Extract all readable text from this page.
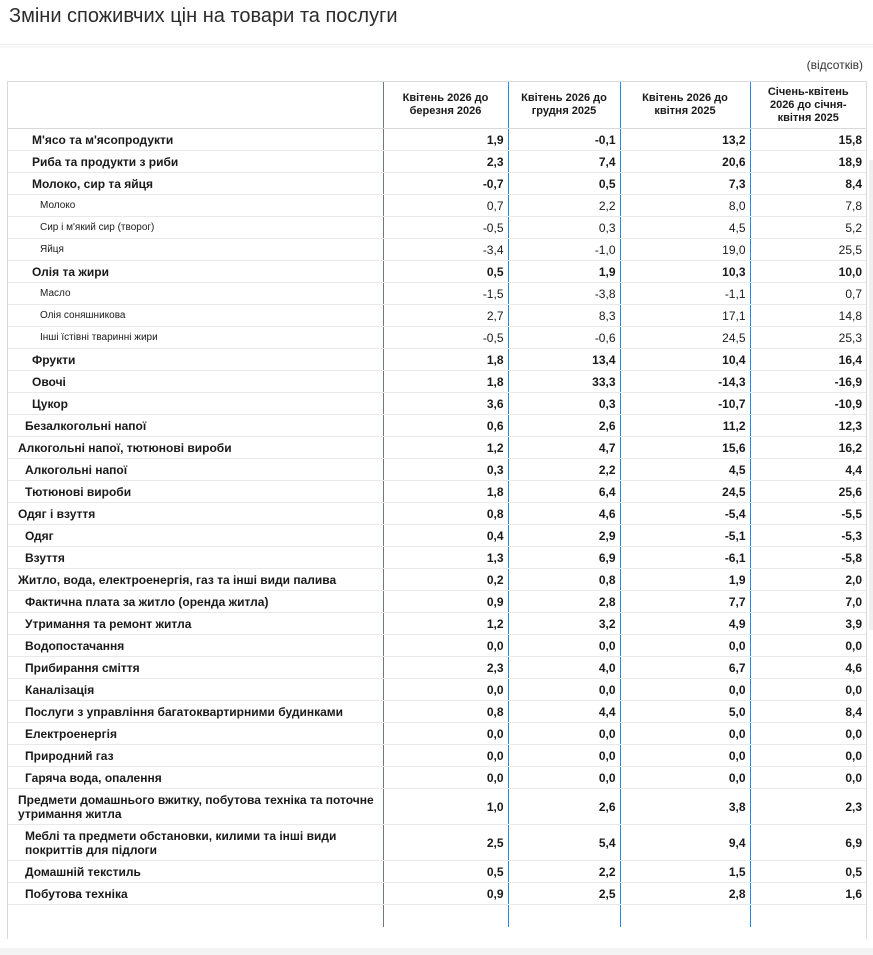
Зміни споживчих цін на товари та послуги
(відсотків)
	Квітень 2026 до березня 2026	Квітень 2026 до грудня 2025	Квітень 2026 до квітня 2025	Січень-квітень 2026 до січня-квітня 2025
М'ясо та м'ясопродукти	1,9	-0,1	13,2	15,8
Риба та продукти з риби	2,3	7,4	20,6	18,9
Молоко, сир та яйця	-0,7	0,5	7,3	8,4
Молоко	0,7	2,2	8,0	7,8
Сир і м'який сир (творог)	-0,5	0,3	4,5	5,2
Яйця	-3,4	-1,0	19,0	25,5
Олія та жири	0,5	1,9	10,3	10,0
Масло	-1,5	-3,8	-1,1	0,7
Олія соняшникова	2,7	8,3	17,1	14,8
Інші їстівні тваринні жири	-0,5	-0,6	24,5	25,3
Фрукти	1,8	13,4	10,4	16,4
Овочі	1,8	33,3	-14,3	-16,9
Цукор	3,6	0,3	-10,7	-10,9
Безалкогольні напої	0,6	2,6	11,2	12,3
Алкогольні напої, тютюнові вироби	1,2	4,7	15,6	16,2
Алкогольні напої	0,3	2,2	4,5	4,4
Тютюнові вироби	1,8	6,4	24,5	25,6
Одяг і взуття	0,8	4,6	-5,4	-5,5
Одяг	0,4	2,9	-5,1	-5,3
Взуття	1,3	6,9	-6,1	-5,8
Житло, вода, електроенергія, газ та інші види палива	0,2	0,8	1,9	2,0
Фактична плата за житло (оренда житла)	0,9	2,8	7,7	7,0
Утримання та ремонт житла	1,2	3,2	4,9	3,9
Водопостачання	0,0	0,0	0,0	0,0
Прибирання сміття	2,3	4,0	6,7	4,6
Каналізація	0,0	0,0	0,0	0,0
Послуги з управління багатоквартирними будинками	0,8	4,4	5,0	8,4
Електроенергія	0,0	0,0	0,0	0,0
Природний газ	0,0	0,0	0,0	0,0
Гаряча вода, опалення	0,0	0,0	0,0	0,0
Предмети домашнього вжитку, побутова техніка та поточне утримання житла	1,0	2,6	3,8	2,3
Меблі та предмети обстановки, килими та інші види покриттів для підлоги	2,5	5,4	9,4	6,9
Домашній текстиль	0,5	2,2	1,5	0,5
Побутова техніка	0,9	2,5	2,8	1,6
